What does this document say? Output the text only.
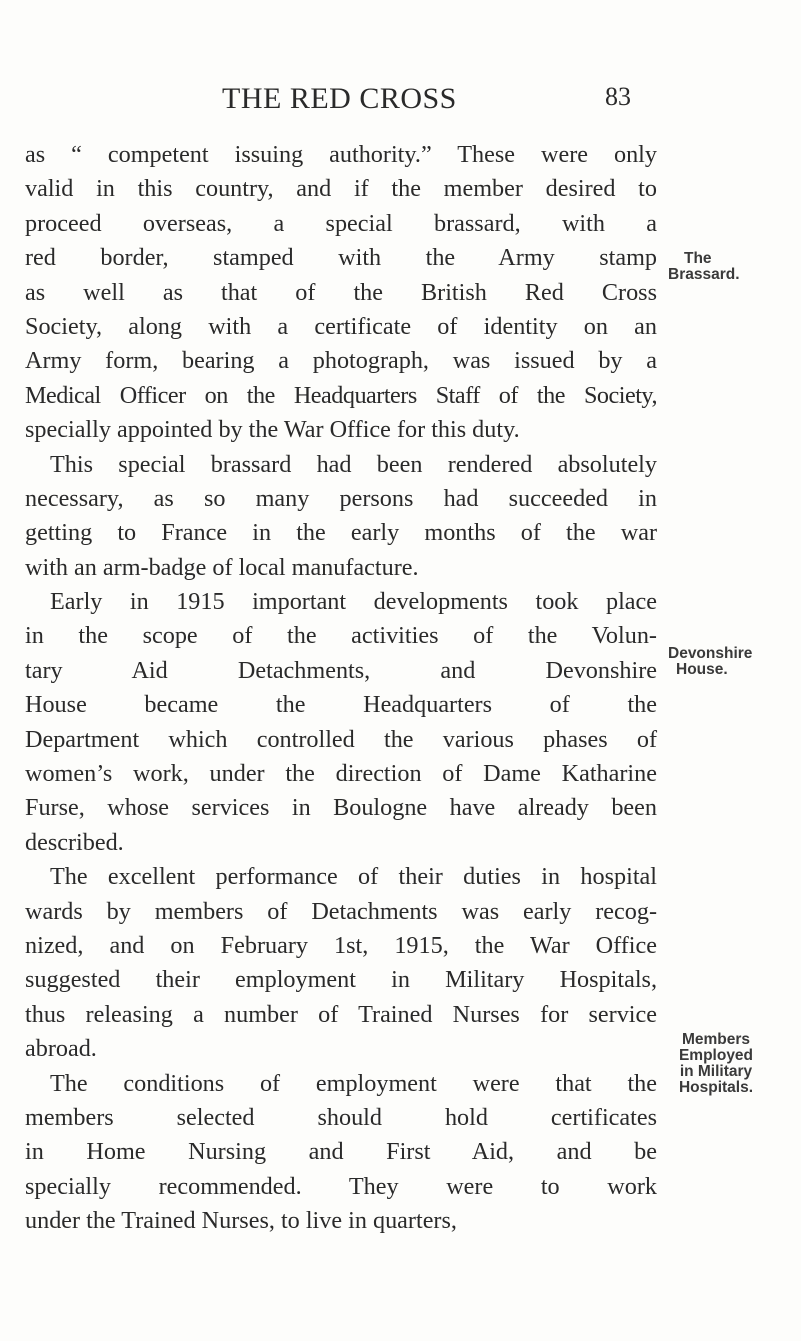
THE RED CROSS	83
as “ competent issuing authority.” These were only
valid in this country, and if the member desired to
proceed overseas, a special brassard, with a
red border, stamped with the Army stamp
as well as that of the British Red Cross
Society, along with a certificate of identity on an
Army form, bearing a photograph, was issued by a
Medical Officer on the Headquarters Staff of the Society,
specially appointed by the War Office for this duty.
This special brassard had been rendered absolutely
necessary, as so many persons had succeeded in
getting to France in the early months of the war
with an arm-badge of local manufacture.
Early in 1915 important developments took place
in the scope of the activities of the Volun-
tary Aid Detachments, and Devonshire
House became the Headquarters of the
Department which controlled the various phases of
women’s work, under the direction of Dame Katharine
Furse, whose services in Boulogne have already been
described.
The excellent performance of their duties in hospital
wards by members of Detachments was early recog-
nized, and on February 1st, 1915, the War Office
suggested their employment in Military Hospitals,
thus releasing a number of Trained Nurses for service
abroad.
The conditions of employment were that the
members selected should hold certificates
in Home Nursing and First Aid, and be
specially recommended. They were to work
under the Trained Nurses, to live in quarters,
The
Brassard.
Devonshire
House.
Members
Employed
in Military
Hospitals.
